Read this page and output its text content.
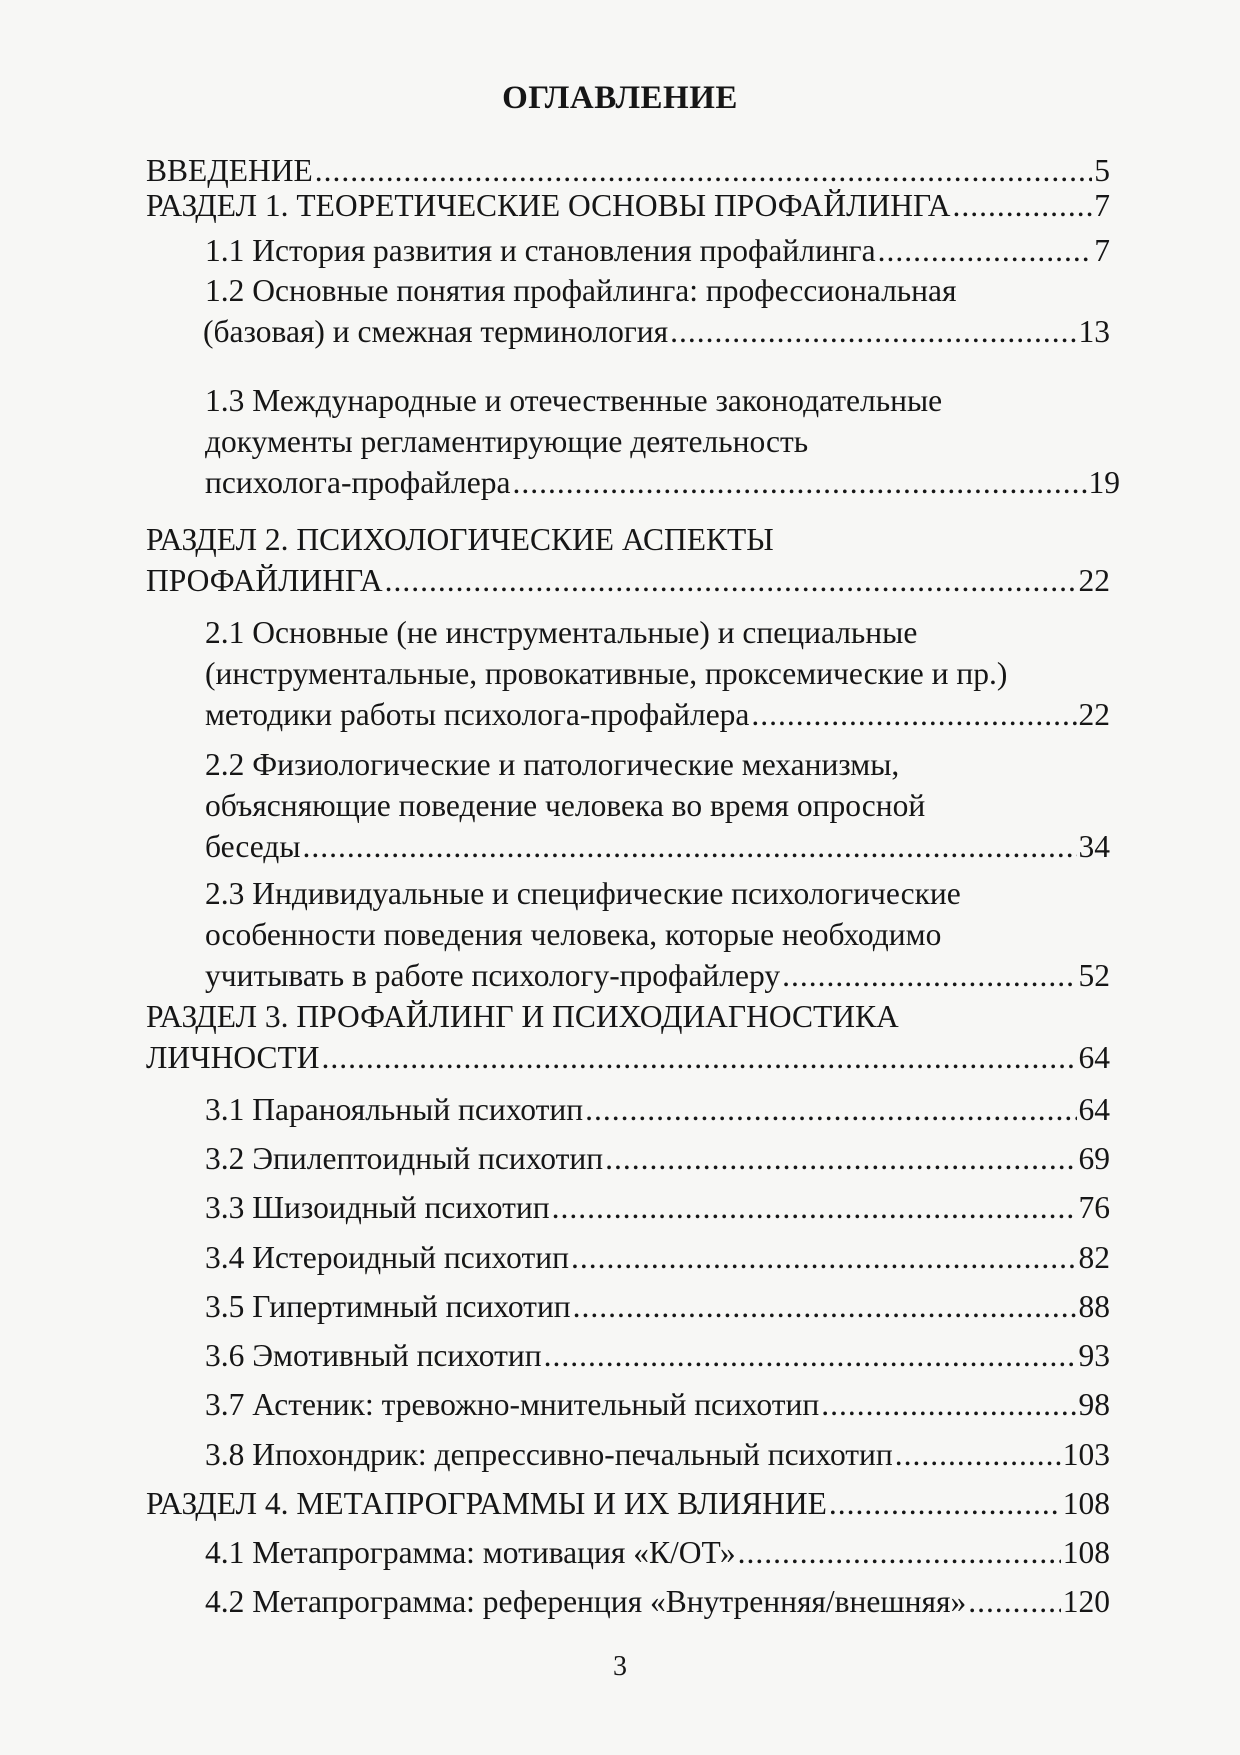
ОГЛАВЛЕНИЕ
ВВЕДЕНИЕ .....	5
РАЗДЕЛ 1. ТЕОРЕТИЧЕСКИЕ ОСНОВЫ ПРОФАЙЛИНГА .....	7
1.1 История развития и становления профайлинга .....	7
1.2 Основные понятия профайлинга: профессиональная
(базовая) и смежная терминология .....	13
1.3 Международные и отечественные законодательные
документы регламентирующие деятельность
психолога-профайлера .....	19
РАЗДЕЛ 2. ПСИХОЛОГИЧЕСКИЕ АСПЕКТЫ
ПРОФАЙЛИНГА .....	22
2.1 Основные (не инструментальные) и специальные
(инструментальные, провокативные, проксемические и пр.)
методики работы психолога-профайлера .....	22
2.2 Физиологические и патологические механизмы,
объясняющие поведение человека во время опросной
беседы .....	34
2.3 Индивидуальные и специфические психологические
особенности поведения человека, которые необходимо
учитывать в работе психологу-профайлеру .....	52
РАЗДЕЛ 3. ПРОФАЙЛИНГ И ПСИХОДИАГНОСТИКА
ЛИЧНОСТИ .....	64
3.1 Паранояльный психотип .....	64
3.2 Эпилептоидный психотип .....	69
3.3 Шизоидный психотип .....	76
3.4 Истероидный психотип .....	82
3.5 Гипертимный психотип .....	88
3.6 Эмотивный психотип .....	93
3.7 Астеник: тревожно-мнительный психотип .....	98
3.8 Ипохондрик: депрессивно-печальный психотип .....	103
РАЗДЕЛ 4. МЕТАПРОГРАММЫ И ИХ ВЛИЯНИЕ .....	108
4.1 Метапрограмма: мотивация «К/ОТ» .....	108
4.2 Метапрограмма: референция «Внутренняя/внешняя» .....	120
3
